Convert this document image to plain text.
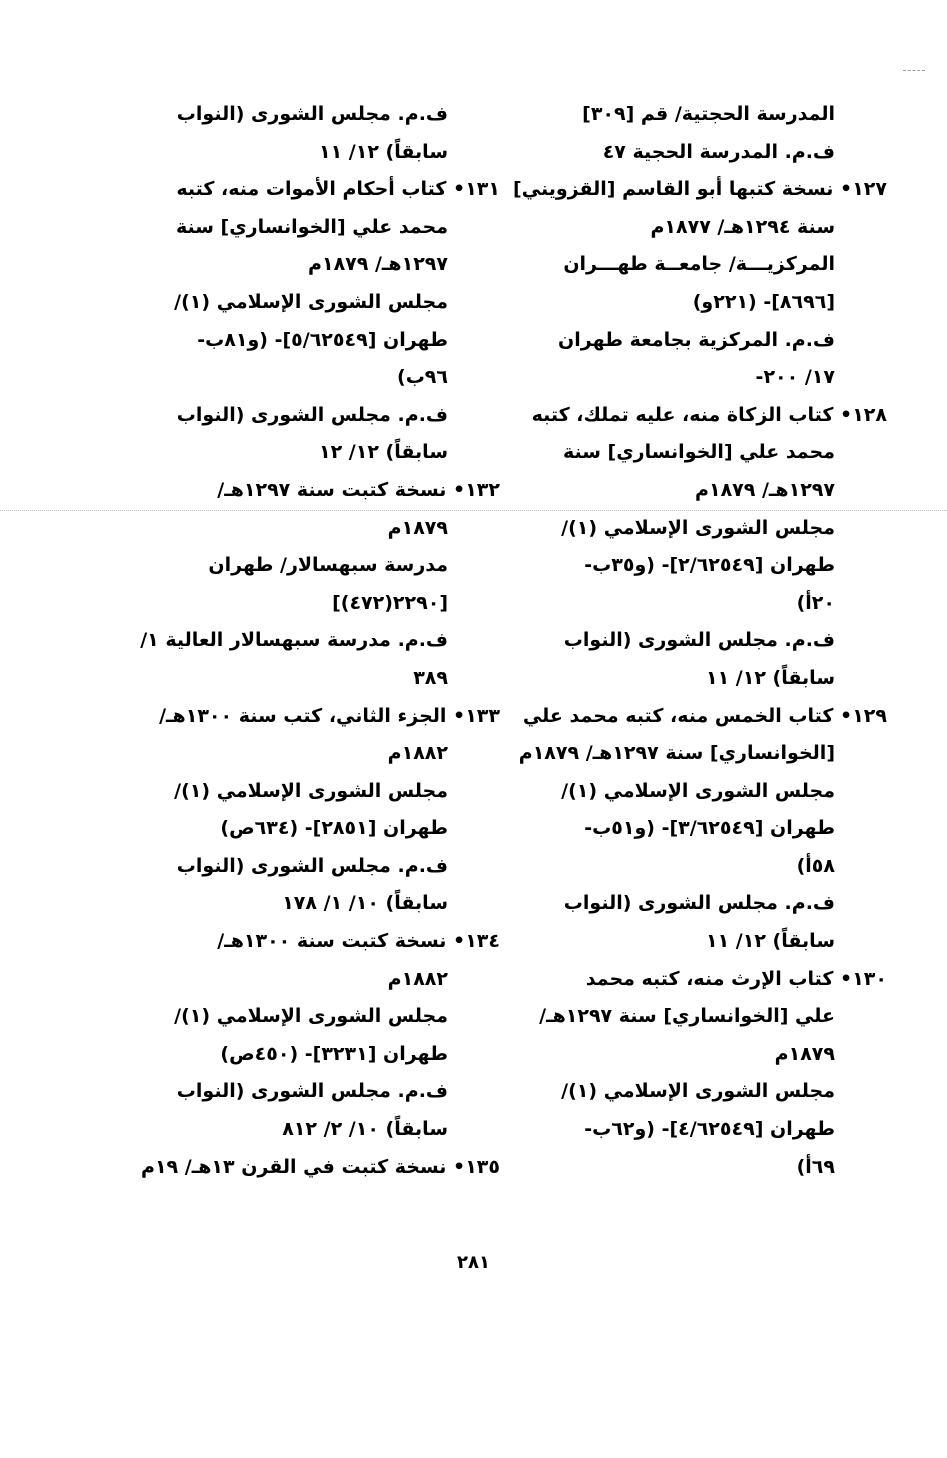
المدرسة الحجتية/ قم [٣٠٩]
ف.م. المدرسة الحجية ٤٧
١٢٧• نسخة كتبها أبو القاسم [القزويني]
سنة ١٢٩٤هـ/ ١٨٧٧م
المركزيـــة/ جامعــة طهـــران
[٨٦٩٦]- (٢٢١و)
ف.م. المركزية بجامعة طهران
١٧/ ٢٠٠-
١٢٨• كتاب الزكاة منه، عليه تملك، كتبه
محمد علي [الخوانساري] سنة
١٢٩٧هـ/ ١٨٧٩م
مجلس الشوری الإسلامي (١)/
طهران [٢/٦٢٥٤٩]- (و٣٥ب-
٢٠أ)
ف.م. مجلس الشورى (النواب
سابقاً) ١٢/ ١١
١٢٩• كتاب الخمس منه، كتبه محمد علي
[الخوانساري] سنة ١٢٩٧هـ/ ١٨٧٩م
مجلس الشورى الإسلامي (١)/
طهران [٣/٦٢٥٤٩]- (و٥١ب-
٥٨أ)
ف.م. مجلس الشورى (النواب
سابقاً) ١٢/ ١١
١٣٠• كتاب الإرث منه، كتبه محمد
علي [الخوانساري] سنة ١٢٩٧هـ/
١٨٧٩م
مجلس الشورى الإسلامي (١)/
طهران [٤/٦٢٥٤٩]- (و٦٢ب-
٦٩أ)
ف.م. مجلس الشورى (النواب
سابقاً) ١٢/ ١١
١٣١• كتاب أحكام الأموات منه، كتبه
محمد علي [الخوانساري] سنة
١٢٩٧هـ/ ١٨٧٩م
مجلس الشورى الإسلامي (١)/
طهران [٥/٦٢٥٤٩]- (و٨١ب-
٩٦ب)
ف.م. مجلس الشورى (النواب
سابقاً) ١٢/ ١٢
١٣٢• نسخة كتبت سنة ١٢٩٧هـ/
١٨٧٩م
مدرسة سبهسالار/ طهران
[٢٢٩٠(٤٧٢)]
ف.م. مدرسة سبهسالار العالية ١/
٣٨٩
١٣٣• الجزء الثاني، كتب سنة ١٣٠٠هـ/
١٨٨٢م
مجلس الشورى الإسلامي (١)/
طهران [٢٨٥١]- (٦٣٤ص)
ف.م. مجلس الشورى (النواب
سابقاً) ١٠/ ١/ ١٧٨
١٣٤• نسخة كتبت سنة ١٣٠٠هـ/
١٨٨٢م
مجلس الشورى الإسلامي (١)/
طهران [٣٢٣١]- (٤٥٠ص)
ف.م. مجلس الشورى (النواب
سابقاً) ١٠/ ٢/ ٨١٢
١٣٥• نسخة كتبت في القرن ١٣هـ/ ١٩م
٢٨١
